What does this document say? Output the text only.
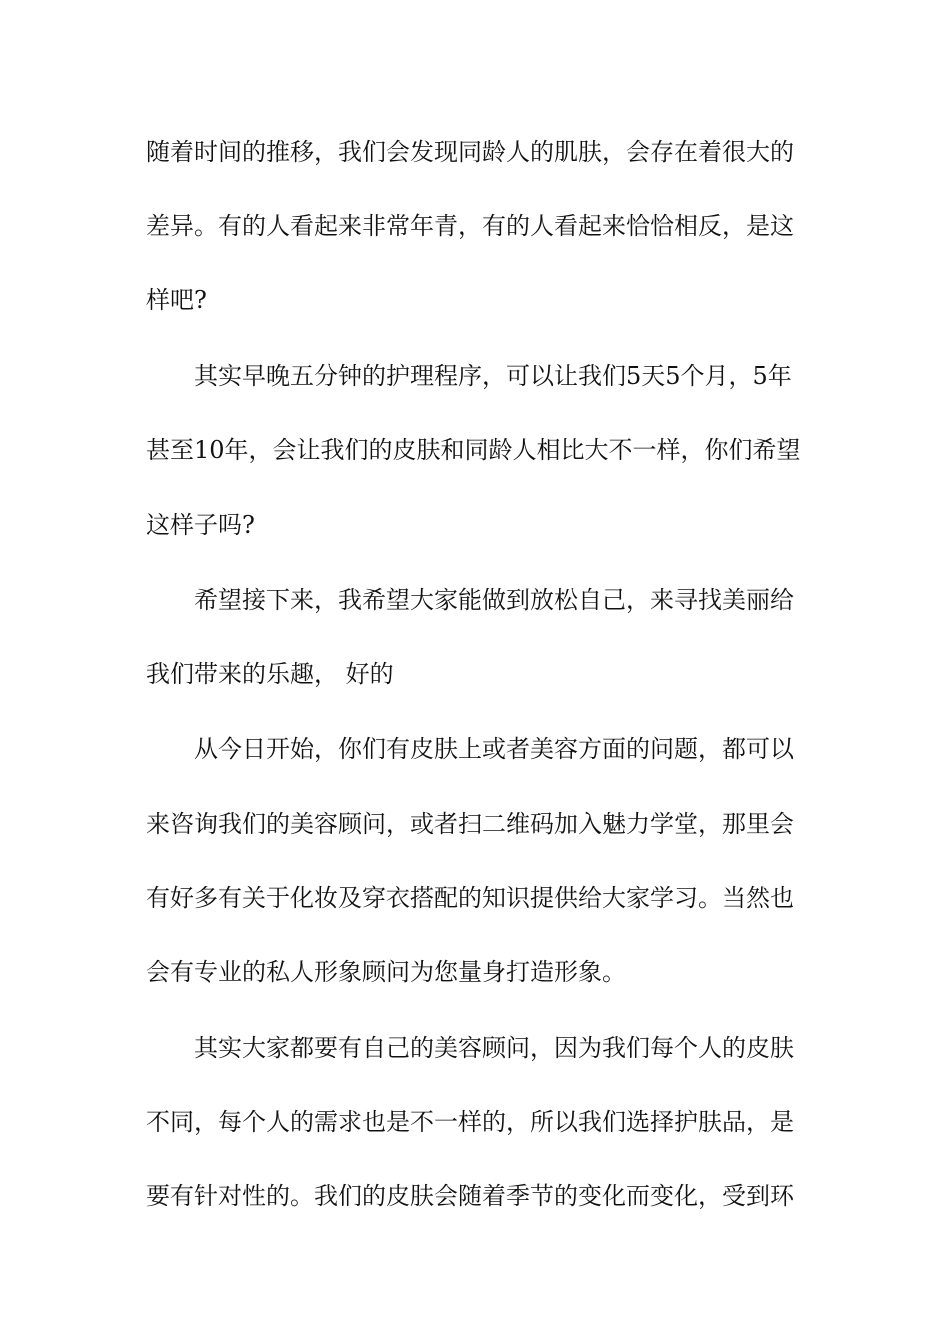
随着时间的推移，我们会发现同龄人的肌肤，会存在着很大的
差异。有的人看起来非常年青，有的人看起来恰恰相反，是这
样吧?
其实早晚五分钟的护理程序，可以让我们5天5个月，5年
甚至10年，会让我们的皮肤和同龄人相比大不一样，你们希望
这样子吗?
希望接下来，我希望大家能做到放松自己，来寻找美丽给
我们带来的乐趣， 好的
从今日开始，你们有皮肤上或者美容方面的问题，都可以
来咨询我们的美容顾问，或者扫二维码加入魅力学堂，那里会
有好多有关于化妆及穿衣搭配的知识提供给大家学习。当然也
会有专业的私人形象顾问为您量身打造形象。
其实大家都要有自己的美容顾问，因为我们每个人的皮肤
不同，每个人的需求也是不一样的，所以我们选择护肤品，是
要有针对性的。我们的皮肤会随着季节的变化而变化，受到环
